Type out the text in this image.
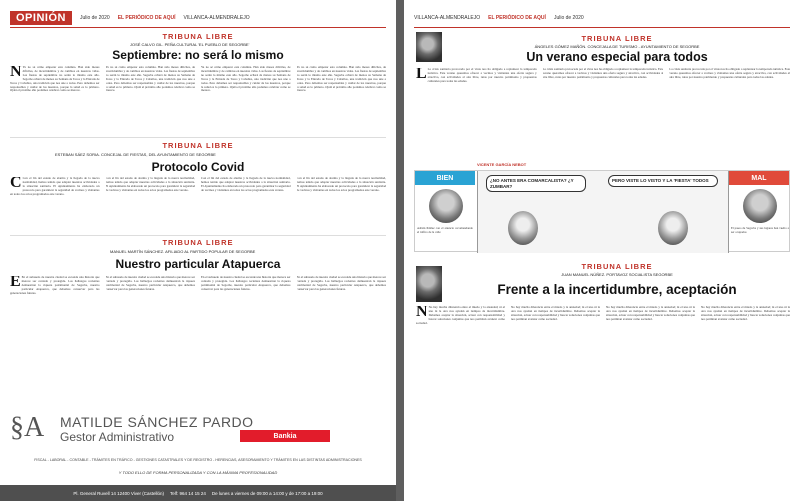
OPINIÓN	Julio de 2020 EL PERIÓDICO DE AQUÍ VILLANCA-ALMENDRALEJO
TRIBUNA LIBRE
JOSÉ CALVO GIL. PEÑA CULTURAL 'EL PUEBLO DE SEGORBE'
Septiembre: no será lo mismo
N Ya no sé cómo empezar esta columna. Han sido meses difíciles, de incertidumbre y de cambios en nuestras vidas. Las fiestas de septiembre no serán lo mismo este año. Segorbe echará de menos su Semana de Toros y la Entrada de Toros y Caballos, una tradición que nos une a todos. Pero debemos ser responsables y cuidar de los nuestros, porque la salud es lo primero. Ojalá el próximo año podamos celebrar como se merece.
Ya no sé cómo empezar esta columna. Han sido meses difíciles, de incertidumbre y de cambios en nuestras vidas. Las fiestas de septiembre no serán lo mismo este año. Segorbe echará de menos su Semana de Toros y la Entrada de Toros y Caballos, una tradición que nos une a todos. Pero debemos ser responsables y cuidar de los nuestros, porque la salud es lo primero. Ojalá el próximo año podamos celebrar como se merece.
Ya no sé cómo empezar esta columna. Han sido meses difíciles, de incertidumbre y de cambios en nuestras vidas. Las fiestas de septiembre no serán lo mismo este año. Segorbe echará de menos su Semana de Toros y la Entrada de Toros y Caballos, una tradición que nos une a todos. Pero debemos ser responsables y cuidar de los nuestros, porque la salud es lo primero. Ojalá el próximo año podamos celebrar como se merece.
Ya no sé cómo empezar esta columna. Han sido meses difíciles, de incertidumbre y de cambios en nuestras vidas. Las fiestas de septiembre no serán lo mismo este año. Segorbe echará de menos su Semana de Toros y la Entrada de Toros y Caballos, una tradición que nos une a todos. Pero debemos ser responsables y cuidar de los nuestros, porque la salud es lo primero. Ojalá el próximo año podamos celebrar como se merece.
TRIBUNA LIBRE
ESTEBAN SÁEZ SORIA. CONCEJAL DE FIESTAS, DEL AYUNTAMIENTO DE SEGORBE
Protocolo Covid
C Con el fin del estado de alarma y la llegada de la nueva normalidad, hemos tenido que adaptar nuestras actividades a la situación sanitaria. El Ayuntamiento ha elaborado un protocolo para garantizar la seguridad de vecinos y visitantes en todos los actos programados este verano.
Con el fin del estado de alarma y la llegada de la nueva normalidad, hemos tenido que adaptar nuestras actividades a la situación sanitaria. El Ayuntamiento ha elaborado un protocolo para garantizar la seguridad de vecinos y visitantes en todos los actos programados este verano.
Con el fin del estado de alarma y la llegada de la nueva normalidad, hemos tenido que adaptar nuestras actividades a la situación sanitaria. El Ayuntamiento ha elaborado un protocolo para garantizar la seguridad de vecinos y visitantes en todos los actos programados este verano.
Con el fin del estado de alarma y la llegada de la nueva normalidad, hemos tenido que adaptar nuestras actividades a la situación sanitaria. El Ayuntamiento ha elaborado un protocolo para garantizar la seguridad de vecinos y visitantes en todos los actos programados este verano.
TRIBUNA LIBRE
MANUEL MARTÍN SÁNCHEZ. AFILIADO AL PARTIDO POPULAR DE SEGORBE
Nuestro particular Atapuerca
E En el subsuelo de nuestra ciudad se esconde una historia que merece ser contada y protegida. Los hallazgos recientes demuestran la riqueza patrimonial de Segorbe, nuestro particular Atapuerca, que debemos conservar para las generaciones futuras.
En el subsuelo de nuestra ciudad se esconde una historia que merece ser contada y protegida. Los hallazgos recientes demuestran la riqueza patrimonial de Segorbe, nuestro particular Atapuerca, que debemos conservar para las generaciones futuras.
En el subsuelo de nuestra ciudad se esconde una historia que merece ser contada y protegida. Los hallazgos recientes demuestran la riqueza patrimonial de Segorbe, nuestro particular Atapuerca, que debemos conservar para las generaciones futuras.
En el subsuelo de nuestra ciudad se esconde una historia que merece ser contada y protegida. Los hallazgos recientes demuestran la riqueza patrimonial de Segorbe, nuestro particular Atapuerca, que debemos conservar para las generaciones futuras.
§A	MATILDE SÁNCHEZ PARDO
Gestor Administrativo	Bankia
FISCAL - LABORAL - CONTABLE - TRÁMITES EN TRÁFICO - GESTIONES CATASTRALES Y DE REGISTRO - HERENCIAS, ASESORAMIENTO Y TRÁMITES EN LAS DISTINTAS ADMINISTRACIONES
Y TODO ELLO DE FORMA PERSONALIZADA Y CON LA MÁXIMA PROFESIONALIDAD
Pl. General Ruvell 14 12400 Viver (Castellón) Telf: 964 14 15 24 De lunes a viernes de 09:00 a 14:00 y de 17:00 a 19:00
VILLANCA-ALMENDRALEJO EL PERIÓDICO DE AQUÍ Julio de 2020
TRIBUNA LIBRE
ÁNGELES GÓMEZ MAÑÓN. CONCEJALA DE TURISMO - AYUNTAMIENTO DE SEGORBE
Un verano especial para todos
L La crisis sanitaria provocada por el virus nos ha obligado a replantear la temporada turística. Este verano queremos ofrecer a vecinos y visitantes una oferta segura y atractiva, con actividades al aire libre, rutas por nuestro patrimonio y propuestas culturales para todas las edades.
La crisis sanitaria provocada por el virus nos ha obligado a replantear la temporada turística. Este verano queremos ofrecer a vecinos y visitantes una oferta segura y atractiva, con actividades al aire libre, rutas por nuestro patrimonio y propuestas culturales para todas las edades.
La crisis sanitaria provocada por el virus nos ha obligado a replantear la temporada turística. Este verano queremos ofrecer a vecinos y visitantes una oferta segura y atractiva, con actividades al aire libre, rutas por nuestro patrimonio y propuestas culturales para todas las edades.
VICENTE GARCÍA NEBOT
BIEN
Adrián Ibáñez con el anuncio recomendando el tráfico de la calle
¿NO ANTES ERA COMARCALISTA? ¿Y ZUMBAR?
PERO VISTE LO VISTO Y LA 'FIESTA' TODOS	MAL
El paseo de Segorbe y sus lugares han vuelto a ser ocupados
TRIBUNA LIBRE
JUAN MANUEL NÚÑEZ. PORTAVOZ SOCIALISTA SEGORBE
Frente a la incertidumbre, aceptación
N No hay mucha diferencia entre el miedo y la ansiedad; ni el uno ni la otra nos ayudan en tiempos de incertidumbre. Debemos aceptar la situación, actuar con responsabilidad y buscar soluciones conjuntas que nos permitan avanzar como sociedad.
No hay mucha diferencia entre el miedo y la ansiedad; ni el uno ni la otra nos ayudan en tiempos de incertidumbre. Debemos aceptar la situación, actuar con responsabilidad y buscar soluciones conjuntas que nos permitan avanzar como sociedad.
No hay mucha diferencia entre el miedo y la ansiedad; ni el uno ni la otra nos ayudan en tiempos de incertidumbre. Debemos aceptar la situación, actuar con responsabilidad y buscar soluciones conjuntas que nos permitan avanzar como sociedad.
No hay mucha diferencia entre el miedo y la ansiedad; ni el uno ni la otra nos ayudan en tiempos de incertidumbre. Debemos aceptar la situación, actuar con responsabilidad y buscar soluciones conjuntas que nos permitan avanzar como sociedad.
